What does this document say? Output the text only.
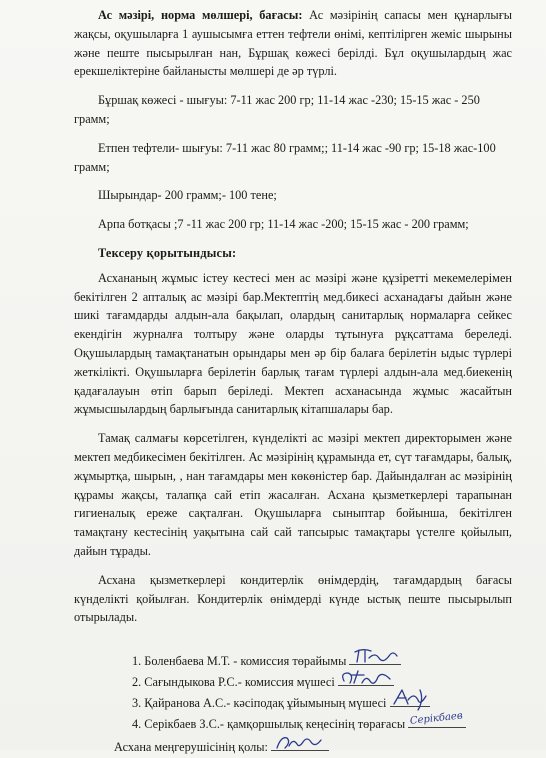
Ас мәзірі, норма мөлшері, бағасы: Ас мәзірінің сапасы мен құнарлығы жақсы, оқушыларға 1 аушысымға еттен тефтели өнімі, кептілірген жеміс шырыны және пеште пысырылған нан, Бұршақ көжесі берілді. Бұл оқушылардың жас ерекшеліктеріне байланысты мөлшері де әр түрлі.

Бұршақ көжесі - шығуы: 7-11 жас 200 гр; 11-14 жас -230; 15-15 жас - 250 грамм;

Етпен тефтели- шығуы: 7-11 жас 80 грамм;; 11-14 жас -90 гр; 15-18 жас-100 грамм;

Шырындар- 200 грамм;- 100 тене;

Арпа ботқасы ;7 -11 жас 200 гр; 11-14 жас -200; 15-15 жас - 200 грамм;

Тексеру қорытындысы:

Асхананың жұмыс істеу кестесі мен ас мәзірі және құзіретті мекемелерімен бекітілген 2 апталық ас мәзірі бар.Мектептің мед.бикесі асханадағы дайын және шикі тағамдарды алдын-ала бақылап, олардың санитарлық нормаларға сейкес екендігін журналға толтыру және оларды тұтынуға рұқсаттама береледі. Оқушылардың тамақтанатын орындары мен әр бір балаға берілетін ыдыс түрлері жеткілікті. Оқушыларға берілетін барлық тағам түрлері алдын-ала мед.биекенің қадағалауын өтіп барып беріледі. Мектеп асханасында жұмыс жасайтын жұмысшылардың барлығында санитарлық кітапшалары бар.

Тамақ салмағы көрсетілген, күнделікті ас мәзірі мектеп директорымен және мектеп медбикесімен бекітілген. Ас мәзірінің құрамында ет, сүт тағамдары, балық, жұмыртқа, шырын, , нан тағамдары мен көкөністер бар. Дайындалған ас мәзірінің құрамы жақсы, талапқа сай етіп жасалған. Асхана қызметкерлері тарапынан гигиеналық ереже сақталған. Оқушыларға сыныптар бойынша, бекітілген тамақтану кестесінің уақытына сай сай тапсырыс тамақтары үстелге қойылып, дайын тұрады.

Асхана қызметкерлері кондитерлік өнімдердің, тағамдардың бағасы күнделікті қойылған. Кондитерлік өнімдерді күнде ыстық пеште пысырылып отырылады.

1. Боленбаева М.Т. - комиссия төрайымы
2. Сағындыкова Р.С.- комиссия мүшесі
3. Қайранова А.С.- кәсіподақ ұйымының мүшесі
4. Серікбаев З.С.- қамқоршылық кеңесінің төрағасы Серікбаев
Асхана меңгерушісінің қолы:
